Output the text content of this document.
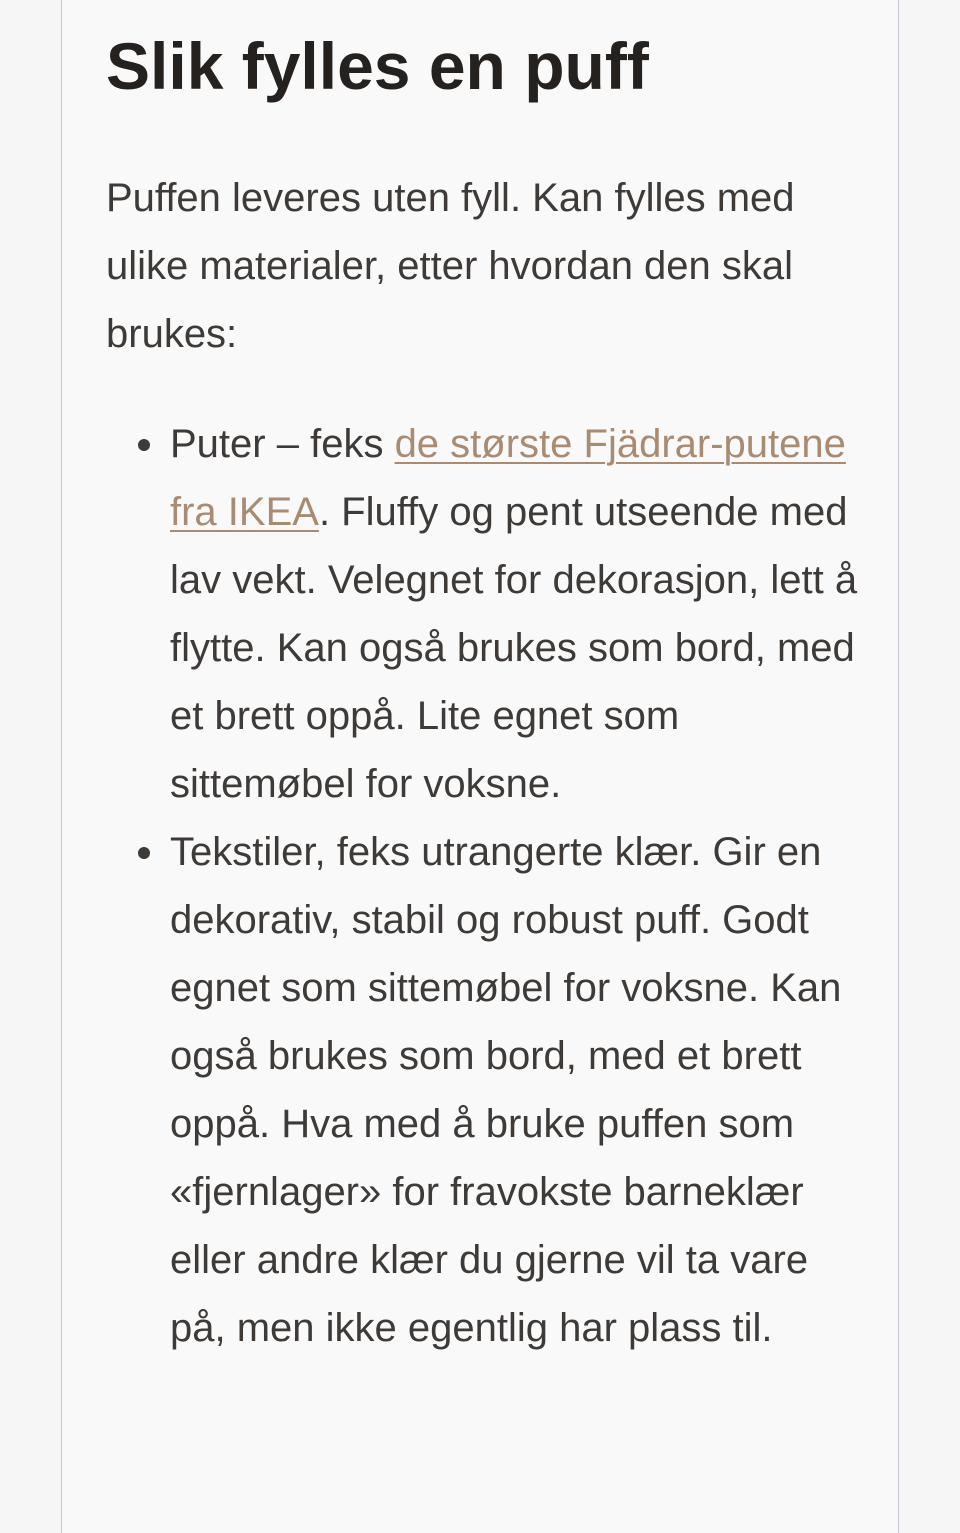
Slik fylles en puff

Puffen leveres uten fyll. Kan fylles med ulike materialer, etter hvordan den skal brukes:

Puter – feks de største Fjädrar-putene fra IKEA. Fluffy og pent utseende med lav vekt. Velegnet for dekorasjon, lett å flytte. Kan også brukes som bord, med et brett oppå. Lite egnet som sittemøbel for voksne.
Tekstiler, feks utrangerte klær. Gir en dekorativ, stabil og robust puff. Godt egnet som sittemøbel for voksne. Kan også brukes som bord, med et brett oppå. Hva med å bruke puffen som «fjernlager» for fravokste barneklær eller andre klær du gjerne vil ta vare på, men ikke egentlig har plass til.
